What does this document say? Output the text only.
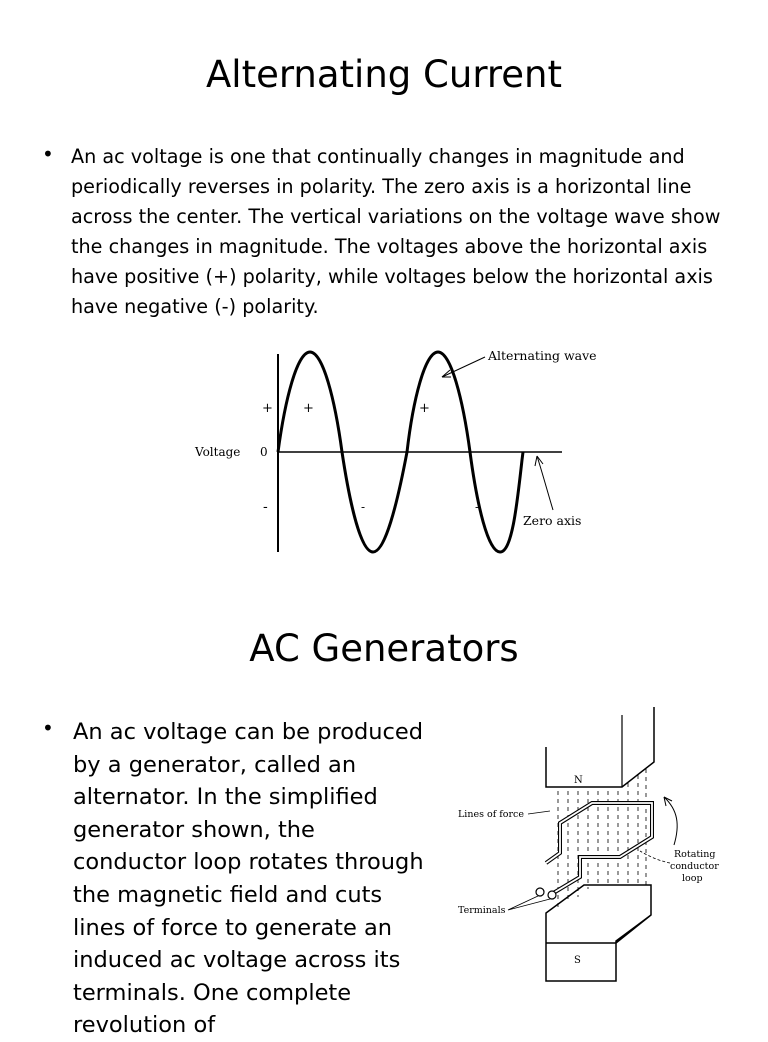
Alternating Current
• An ac voltage is one that continually changes in magnitude and periodically reverses in polarity. The zero axis is a horizontal line across the center. The vertical variations on the voltage wave show the changes in magnitude. The voltages above the horizontal axis have positive (+) polarity, while voltages below the horizontal axis have negative (-) polarity.

Voltage 0
+
-
+	+
-	-
Alternating wave
Zero axis
AC Generators
• An ac voltage can be produced by a generator, called an alternator. In the simplified generator shown, the conductor loop rotates through the magnetic field and cuts lines of force to generate an induced ac voltage across its terminals. One complete revolution of

N
S
Lines of force
Terminals
Rotating
conductor
loop
